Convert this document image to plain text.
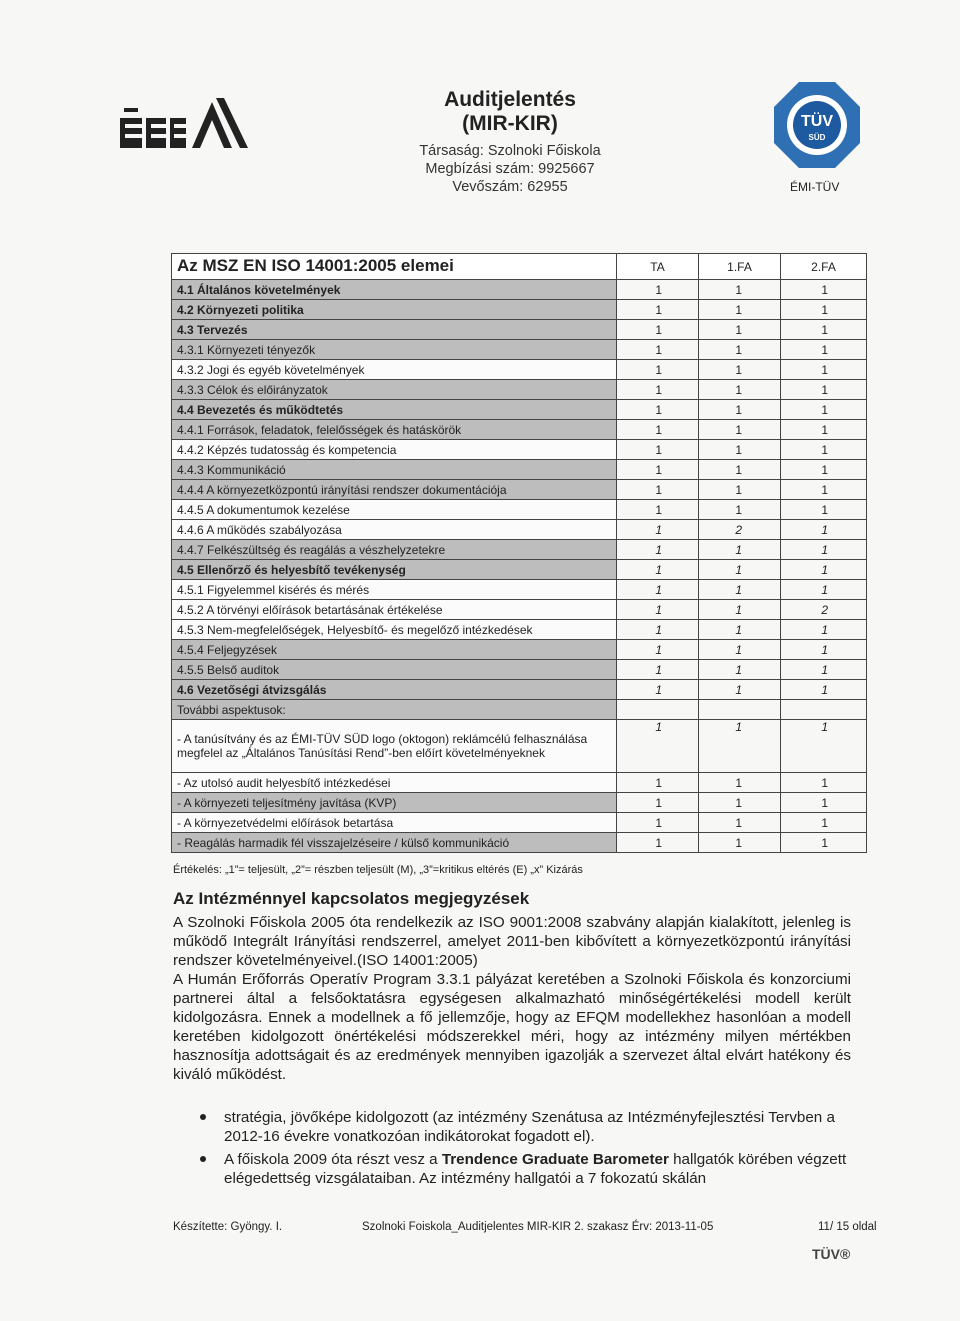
ÉMI	Auditjelentés
(MIR-KIR)
Társaság: Szolnoki Főiskola
Megbízási szám: 9925667
Vevőszám: 62955
TÜV
SÜD
ÉMI-TÜV
Az MSZ EN ISO 14001:2005 elemei	TA	1.FA	2.FA
4.1 Általános követelmények	1	1	1
4.2 Környezeti politika	1	1	1
4.3 Tervezés	1	1	1
4.3.1 Környezeti tényezők	1	1	1
4.3.2 Jogi és egyéb követelmények	1	1	1
4.3.3 Célok és előirányzatok	1	1	1
4.4 Bevezetés és működtetés	1	1	1
4.4.1 Források, feladatok, felelősségek és hatáskörök	1	1	1
4.4.2 Képzés tudatosság és kompetencia	1	1	1
4.4.3 Kommunikáció	1	1	1
4.4.4 A környezetközpontú irányítási rendszer dokumentációja	1	1	1
4.4.5 A dokumentumok kezelése	1	1	1
4.4.6 A működés szabályozása	1	2	1
4.4.7 Felkészültség és reagálás a vészhelyzetekre	1	1	1
4.5 Ellenőrző és helyesbítő tevékenység	1	1	1
4.5.1 Figyelemmel kisérés és mérés	1	1	1
4.5.2 A törvényi előírások betartásának értékelése	1	1	2
4.5.3 Nem-megfelelőségek, Helyesbítő- és megelőző intézkedések	1	1	1
4.5.4 Feljegyzések	1	1	1
4.5.5 Belső auditok	1	1	1
4.6 Vezetőségi átvizsgálás	1	1	1
További aspektusok:			
- A tanúsítvány és az ÉMI-TÜV SÜD logo (oktogon) reklámcélú felhasználása megfelel az „Általános Tanúsítási Rend”-ben előírt követelményeknek	1	1	1
- Az utolsó audit helyesbítő intézkedései	1	1	1
- A környezeti teljesítmény javítása (KVP)	1	1	1
- A környezetvédelmi előírások betartása	1	1	1
- Reagálás harmadik fél visszajelzéseire / külső kommunikáció	1	1	1
Értékelés: „1”= teljesült, „2”= részben teljesült (M), „3”=kritikus eltérés (E) „x” Kizárás
Az Intézménnyel kapcsolatos megjegyzések

A Szolnoki Főiskola 2005 óta rendelkezik az ISO 9001:2008 szabvány alapján kialakított, jelenleg is működő Integrált Irányítási rendszerrel, amelyet 2011-ben kibővített a környezetközpontú irányítási rendszer követelményeivel.(ISO 14001:2005)

A Humán Erőforrás Operatív Program 3.3.1 pályázat keretében a Szolnoki Főiskola és konzorciumi partnerei által a felsőoktatásra egységesen alkalmazható minőségértékelési modell került kidolgozásra. Ennek a modellnek a fő jellemzője, hogy az EFQM modellekhez hasonlóan a modell keretében kidolgozott önértékelési módszerekkel méri, hogy az intézmény milyen mértékben hasznosítja adottságait és az eredmények mennyiben igazolják a szervezet által elvárt hatékony és kiváló működést.

stratégia, jövőképe kidolgozott (az intézmény Szenátusa az Intézményfejlesztési Tervben a 2012-16 évekre vonatkozóan indikátorokat fogadott el).
A főiskola 2009 óta részt vesz a Trendence Graduate Barometer hallgatók körében végzett elégedettség vizsgálataiban. Az intézmény hallgatói a 7 fokozatú skálán
Készítette: Gyöngy. I.	Szolnoki Foiskola_Auditjelentes MIR-KIR 2. szakasz Érv: 2013-11-05	11/ 15 oldal
TÜV®
